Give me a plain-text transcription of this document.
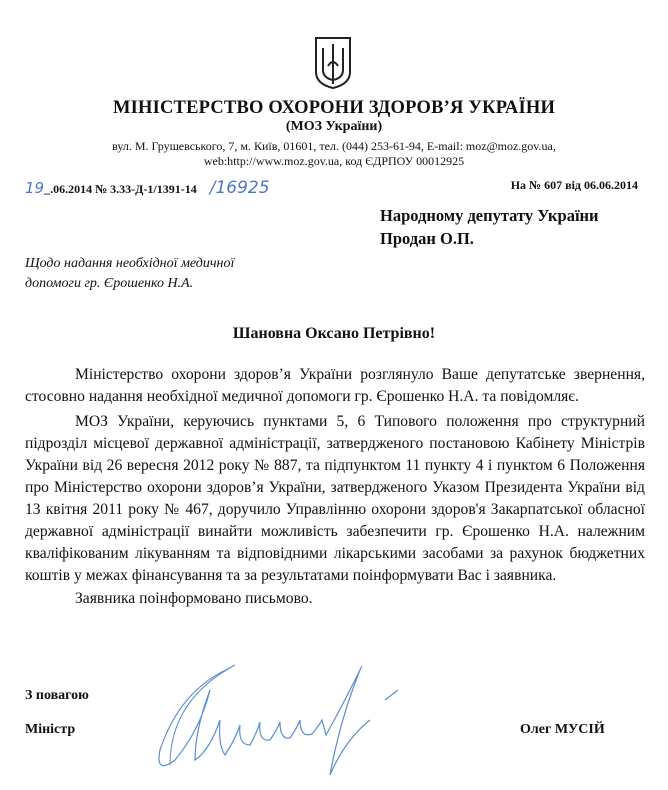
МІНІСТЕРСТВО ОХОРОНИ ЗДОРОВ’Я УКРАЇНИ
(МОЗ України)
вул. М. Грушевського, 7, м. Київ, 01601, тел. (044) 253-61-94, E-mail: moz@moz.gov.ua,
web:http://www.moz.gov.ua, код ЄДРПОУ 00012925
19_.06.2014 № 3.33-Д-1/1391-14 /16925	На № 607 від 06.06.2014
Народному депутату України
Продан О.П.
Щодо надання необхідної медичної
допомоги гр. Єрошенко Н.А.
Шановна Оксано Петрівно!

Міністерство охорони здоров’я України розглянуло Ваше депутатське звернення, стосовно надання необхідної медичної допомоги гр. Єрошенко Н.А. та повідомляє.

МОЗ України, керуючись пунктами 5, 6 Типового положення про структурний підрозділ місцевої державної адміністрації, затвердженого постановою Кабінету Міністрів України від 26 вересня 2012 року № 887, та підпунктом 11 пункту 4 і пунктом 6 Положення про Міністерство охорони здоров’я України, затвердженого Указом Президента України від 13 квітня 2011 року № 467, доручило Управлінню охорони здоров'я Закарпатської обласної державної адміністрації винайти можливість забезпечити гр. Єрошенко Н.А. належним кваліфікованим лікуванням та відповідними лікарськими засобами за рахунок бюджетних коштів у межах фінансування та за результатами поінформувати Вас і заявника.

Заявника поінформовано письмово.

З повагою
Міністр	Олег МУСІЙ
